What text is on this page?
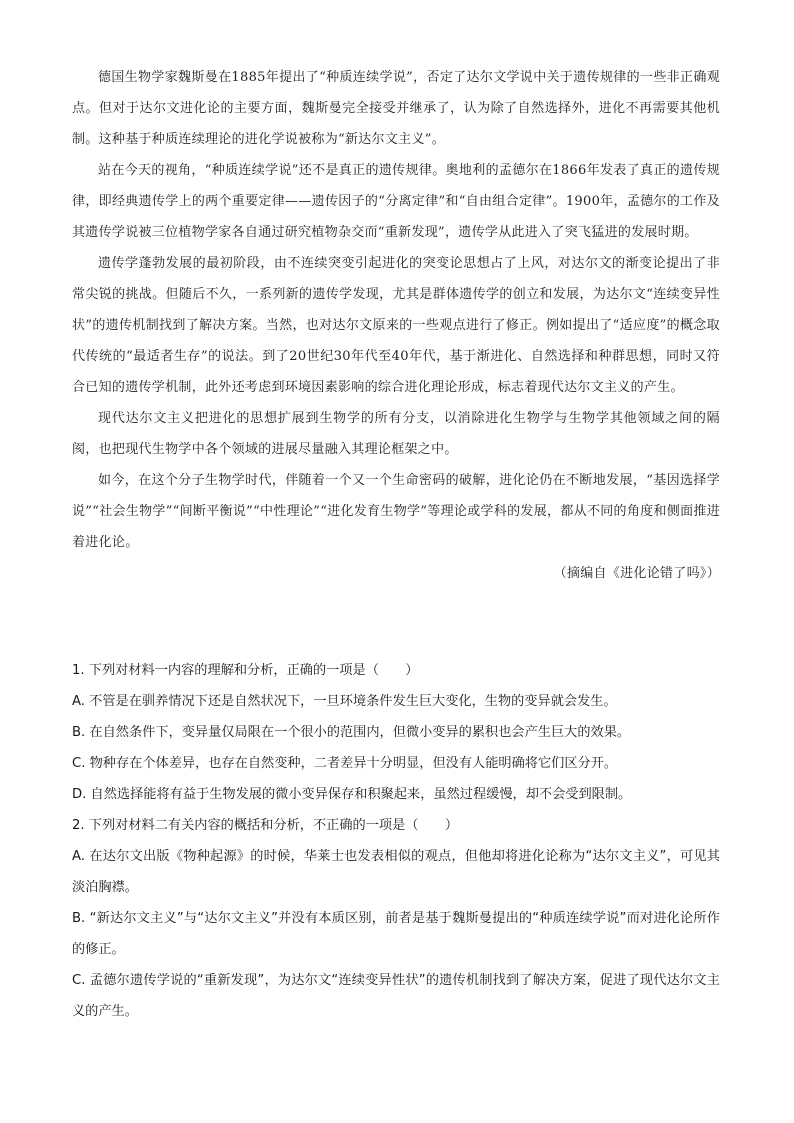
德国生物学家魏斯曼在1885年提出了“种质连续学说”，否定了达尔文学说中关于遗传规律的一些非正确观点。但对于达尔文进化论的主要方面，魏斯曼完全接受并继承了，认为除了自然选择外，进化不再需要其他机制。这种基于种质连续理论的进化学说被称为“新达尔文主义”。

站在今天的视角，“种质连续学说”还不是真正的遗传规律。奥地利的孟德尔在1866年发表了真正的遗传规律，即经典遗传学上的两个重要定律——遗传因子的“分离定律”和“自由组合定律”。1900年，孟德尔的工作及其遗传学说被三位植物学家各自通过研究植物杂交而“重新发现”，遗传学从此进入了突飞猛进的发展时期。

遗传学蓬勃发展的最初阶段，由不连续突变引起进化的突变论思想占了上风，对达尔文的渐变论提出了非常尖锐的挑战。但随后不久，一系列新的遗传学发现，尤其是群体遗传学的创立和发展，为达尔文“连续变异性状”的遗传机制找到了解决方案。当然，也对达尔文原来的一些观点进行了修正。例如提出了“适应度”的概念取代传统的“最适者生存”的说法。到了20世纪30年代至40年代，基于渐进化、自然选择和种群思想，同时又符合已知的遗传学机制，此外还考虑到环境因素影响的综合进化理论形成，标志着现代达尔文主义的产生。

现代达尔文主义把进化的思想扩展到生物学的所有分支，以消除进化生物学与生物学其他领域之间的隔阂，也把现代生物学中各个领域的进展尽量融入其理论框架之中。

如今，在这个分子生物学时代，伴随着一个又一个生命密码的破解，进化论仍在不断地发展，“基因选择学说”“社会生物学”“间断平衡说”“中性理论”“进化发育生物学”等理论或学科的发展，都从不同的角度和侧面推进着进化论。

（摘编自《进化论错了吗》）

1. 下列对材料一内容的理解和分析，正确的一项是（　　）

A. 不管是在驯养情况下还是自然状况下，一旦环境条件发生巨大变化，生物的变异就会发生。

B. 在自然条件下，变异量仅局限在一个很小的范围内，但微小变异的累积也会产生巨大的效果。

C. 物种存在个体差异，也存在自然变种，二者差异十分明显，但没有人能明确将它们区分开。

D. 自然选择能将有益于生物发展的微小变异保存和积聚起来，虽然过程缓慢，却不会受到限制。

2. 下列对材料二有关内容的概括和分析，不正确的一项是（　　）

A. 在达尔文出版《物种起源》的时候，华莱士也发表相似的观点，但他却将进化论称为“达尔文主义”，可见其淡泊胸襟。

B. “新达尔文主义”与“达尔文主义”并没有本质区别，前者是基于魏斯曼提出的“种质连续学说”而对进化论所作的修正。

C. 孟德尔遗传学说的“重新发现”，为达尔文“连续变异性状”的遗传机制找到了解决方案，促进了现代达尔文主义的产生。
